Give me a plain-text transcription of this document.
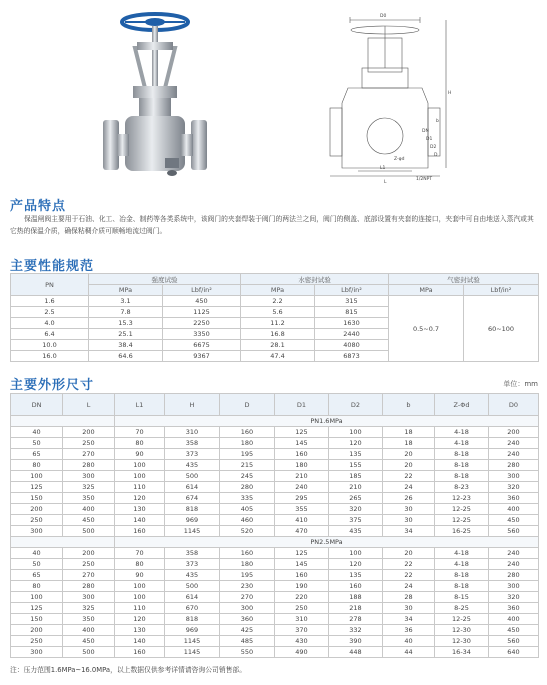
D0
H
L
L1
Z-φd
1/2NPT
DN
D1
D2
D
b
产品特点
保温闸阀主要用于石油、化工、冶金、制药等各类系统中，该阀门的夹套焊装于阀门的两法兰之间，阀门的侧盖、底部设置有夹套的连接口，夹套中可自由地送入蒸汽或其它热的保温介质，确保粘稠介质可顺畅地流过阀门。
主要性能规范
PN	强度试验		水密封试验		气密封试验	
	MPa	Lbf/in²	MPa	Lbf/in²	MPa	Lbf/in²
1.6	3.1	450	2.2	315	0.5~0.7	60~100
2.5	7.8	1125	5.6	815		
4.0	15.3	2250	11.2	1630		
6.4	25.1	3350	16.8	2440		
10.0	38.4	6675	28.1	4080		
16.0	64.6	9367	47.4	6873		
主要外形尺寸	单位：mm
DN	L	L1	H	D	D1	D2	b	Z-Φd	D0
		PN1.6MPa							
40	200	70	310	160	125	100	18	4-18	200
50	250	80	358	180	145	120	18	4-18	240
65	270	90	373	195	160	135	20	8-18	240
80	280	100	435	215	180	155	20	8-18	280
100	300	100	500	245	210	185	22	8-18	300
125	325	110	614	280	240	210	24	8-23	320
150	350	120	674	335	295	265	26	12-23	360
200	400	130	818	405	355	320	30	12-25	400
250	450	140	969	460	410	375	30	12-25	450
300	500	160	1145	520	470	435	34	16-25	560
		PN2.5MPa							
40	200	70	358	160	125	100	20	4-18	240
50	250	80	373	180	145	120	22	4-18	240
65	270	90	435	195	160	135	22	8-18	280
80	280	100	500	230	190	160	24	8-18	300
100	300	100	614	270	220	188	28	8-15	320
125	325	110	670	300	250	218	30	8-25	360
150	350	120	818	360	310	278	34	12-25	400
200	400	130	969	425	370	332	36	12-30	450
250	450	140	1145	485	430	390	40	12-30	560
300	500	160	1145	550	490	448	44	16-34	640
注：压力范围1.6MPa~16.0MPa，以上数据仅供参考详情请咨询公司销售部。
